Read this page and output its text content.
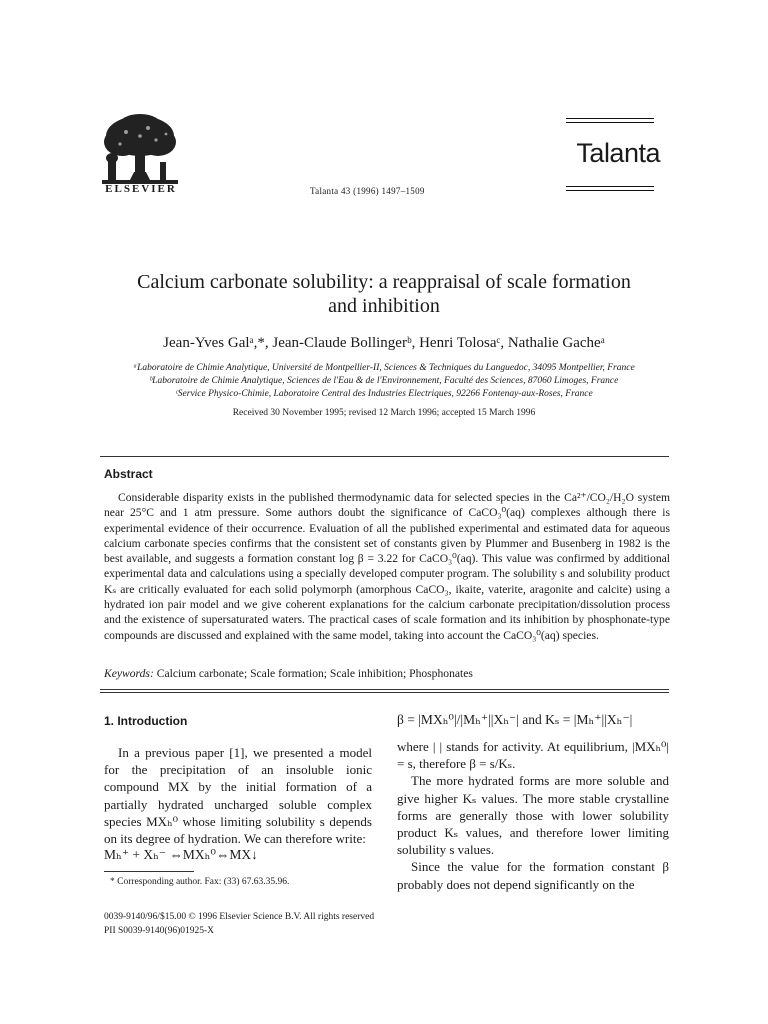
ELSEVIER	Talanta 43 (1996) 1497–1509
Talanta
Calcium carbonate solubility: a reappraisal of scale formation
and inhibition
Jean-Yves Galᵃ,*, Jean-Claude Bollingerᵇ, Henri Tolosaᶜ, Nathalie Gacheᵃ
ᵃLaboratoire de Chimie Analytique, Université de Montpellier-II, Sciences & Techniques du Languedoc, 34095 Montpellier, France
ᵇLaboratoire de Chimie Analytique, Sciences de l'Eau & de l'Environnement, Faculté des Sciences, 87060 Limoges, France
ᶜService Physico-Chimie, Laboratoire Central des Industries Electriques, 92266 Fontenay-aux-Roses, France
Received 30 November 1995; revised 12 March 1996; accepted 15 March 1996
Abstract
Considerable disparity exists in the published thermodynamic data for selected species in the Ca²⁺/CO₂/H₂O system near 25°C and 1 atm pressure. Some authors doubt the significance of CaCO₃⁰(aq) complexes although there is experimental evidence of their occurrence. Evaluation of all the published experimental and estimated data for aqueous calcium carbonate species confirms that the consistent set of constants given by Plummer and Busenberg in 1982 is the best available, and suggests a formation constant log β = 3.22 for CaCO₃⁰(aq). This value was confirmed by additional experimental data and calculations using a specially developed computer program. The solubility s and solubility product Kₛ are critically evaluated for each solid polymorph (amorphous CaCO₃, ikaite, vaterite, aragonite and calcite) using a hydrated ion pair model and we give coherent explanations for the calcium carbonate precipitation/dissolution process and the existence of supersaturated waters. The practical cases of scale formation and its inhibition by phosphonate-type compounds are discussed and explained with the same model, taking into account the CaCO₃⁰(aq) species.
Keywords: Calcium carbonate; Scale formation; Scale inhibition; Phosphonates
1. Introduction
In a previous paper [1], we presented a model for the precipitation of an insoluble ionic compound MX by the initial formation of a partially hydrated uncharged soluble complex species MXₕ⁰ whose limiting solubility s depends on its degree of hydration. We can therefore write:
Mₕ⁺ + Xₕ⁻ ⇔MXₕ⁰⇔MX↓
* Corresponding author. Fax: (33) 67.63.35.96.
β = |MXₕ⁰|/|Mₕ⁺||Xₕ⁻| and Kₛ = |Mₕ⁺||Xₕ⁻|

where | | stands for activity. At equilibrium, |MXₕ⁰| = s, therefore β = s/Kₛ.

The more hydrated forms are more soluble and give higher Kₛ values. The more stable crystalline forms are generally those with lower solubility product Kₛ values, and therefore lower limiting solubility s values.

Since the value for the formation constant β probably does not depend significantly on the

0039-9140/96/$15.00 © 1996 Elsevier Science B.V. All rights reserved
PII S0039-9140(96)01925-X
